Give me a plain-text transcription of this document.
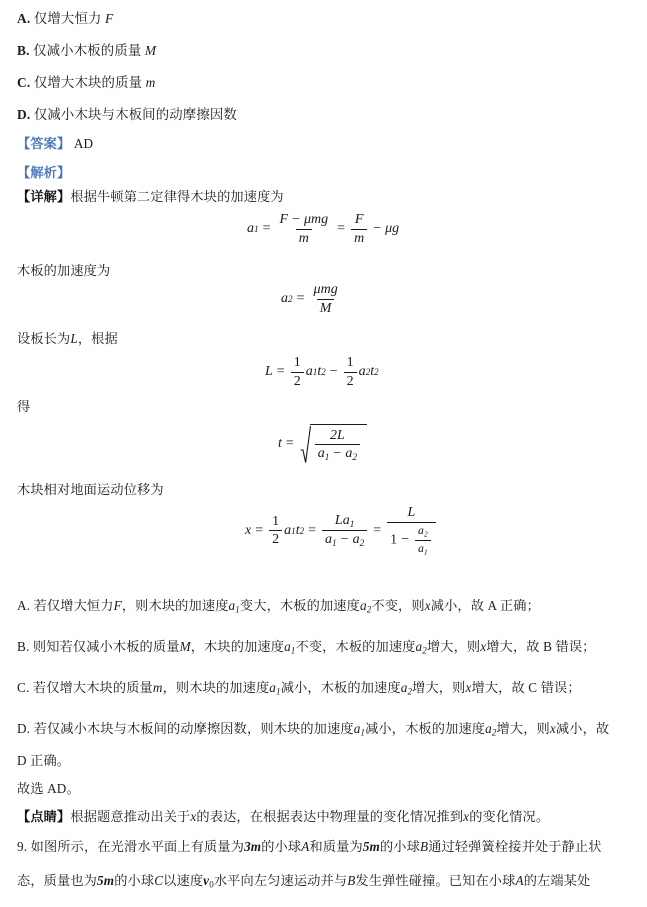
A. 仅增大恒力 F
B. 仅减小木板的质量 M
C. 仅增大木块的质量 m
D. 仅减小木块与木板间的动摩擦因数
【答案】 AD
【解析】
【详解】根据牛顿第二定律得木块的加速度为
a $1 = \frac{\text{F − μmg}}{m} = \frac{F}{m} - \mu$ g
木板的加速度为
a $2 = \frac{\text{μmg}}{M}$
设板长为L，根据
$L = \frac{1}{2}$ a 1 t $2 - \frac{1}{2}$ a 2 t 2
得
$t = \frac{2L}{a1 - a2}$
木块相对地面运动位移为
$x = \frac{1}{2}$ a 1 t $2 = \frac{La1}{a1 - a2} = \frac{L}{1 - \frac{a2}{a1}}$
A. 若仅增大恒力F，则木块的加速度$a_1$变大，木板的加速度$a_2$不变，则x减小，故 A 正确；
B. 则知若仅减小木板的质量M，木块的加速度$a_1$不变，木板的加速度$a_2$增大，则x增大，故 B 错误；
C. 若仅增大木块的质量m，则木块的加速度$a_1$减小，木板的加速度$a_2$增大，则x增大，故 C 错误；
D. 若仅减小木块与木板间的动摩擦因数，则木块的加速度$a_1$减小，木板的加速度$a_2$增大，则x减小，故
D 正确。
故选 AD。
【点睛】根据题意推动出关于x的表达，在根据表达中物理量的变化情况推到x的变化情况。
9. 如图所示，在光滑水平面上有质量为3m的小球A和质量为5m的小球B通过轻弹簧栓接并处于静止状
态，质量也为5m的小球C以速度v0水平向左匀速运动并与B发生弹性碰撞。已知在小球A的左端某处
